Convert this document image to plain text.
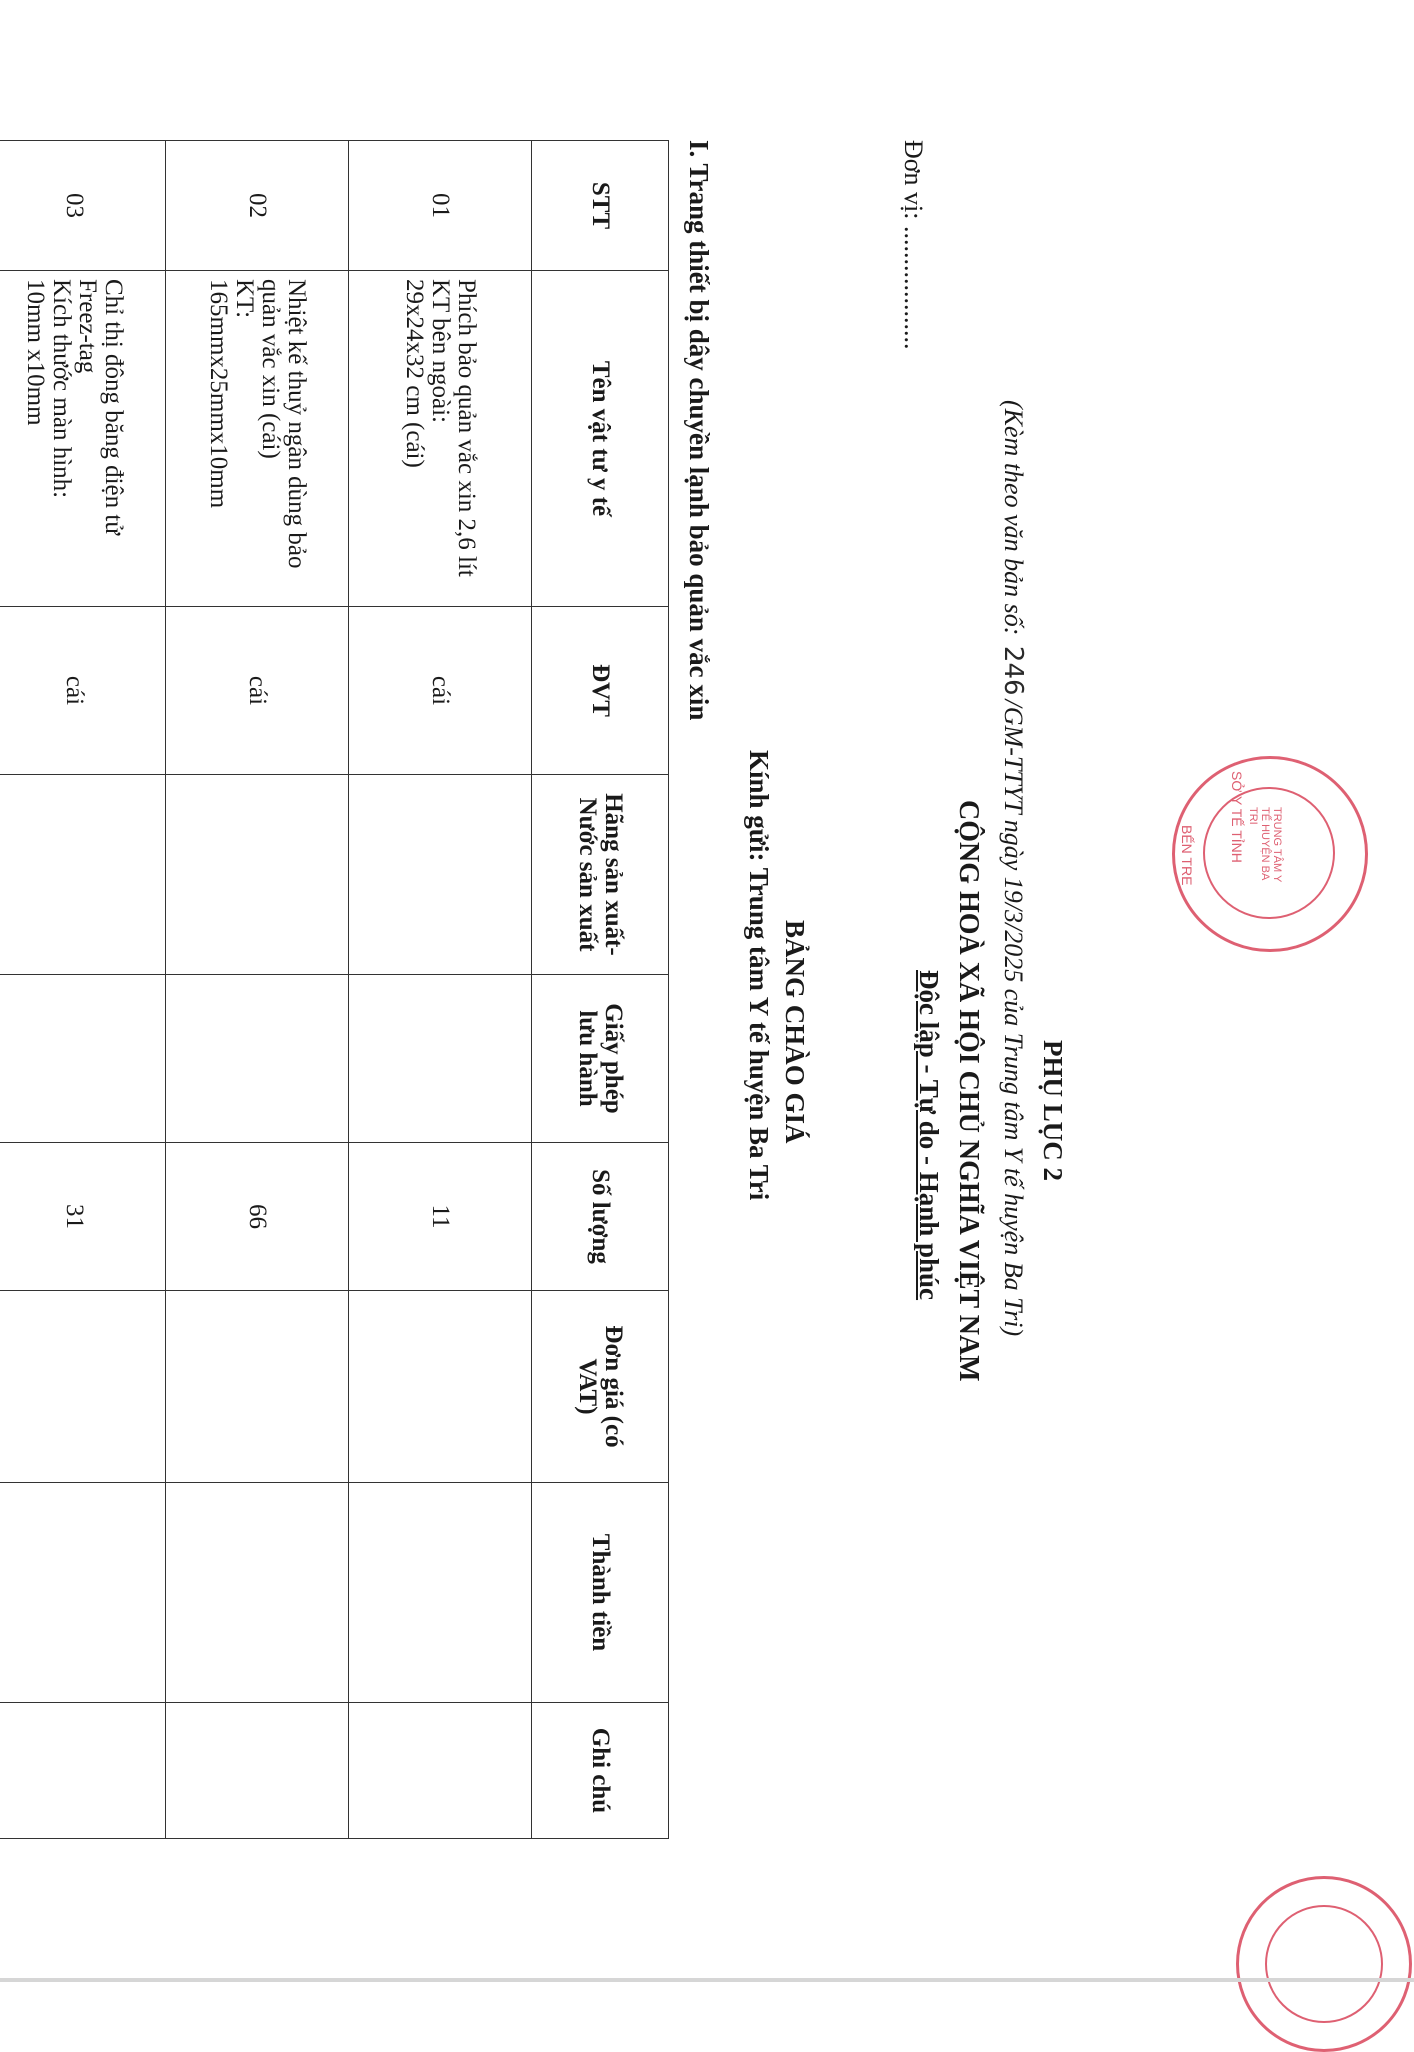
PHỤ LỤC 2
(Kèm theo văn bản số: 246/GM-TTYT ngày 19/3/2025 của Trung tâm Y tế huyện Ba Tri)
CỘNG HOÀ XÃ HỘI CHỦ NGHĨA VIỆT NAM
Độc lập - Tự do - Hạnh phúc
Đơn vị: ...................
BẢNG CHÀO GIÁ
Kính gửi: Trung tâm Y tế huyện Ba Tri
I. Trang thiết bị dây chuyền lạnh bảo quản vắc xin
STT	Tên vật tư y tế	ĐVT	Hãng sản xuất- Nước sản xuất	Giấy phép lưu hành	Số lượng	Đơn giá (có VAT)	Thành tiền	Ghi chú
01	Phích bảo quản vắc xin 2,6 lít
KT bên ngoài:
29x24x32 cm (cái)	cái			11			
02	Nhiệt kế thuỷ ngân dùng bảo quản vắc xin (cái)
KT:
165mmx25mmx10mm	cái			66			
03	Chỉ thị đông băng điện tử Freez-tag
Kích thước màn hình:
10mm x10mm	cái			31			
SỞ Y TẾ TỈNH	TRUNG TÂM Y TẾ HUYỆN BA TRI
BẾN TRE
